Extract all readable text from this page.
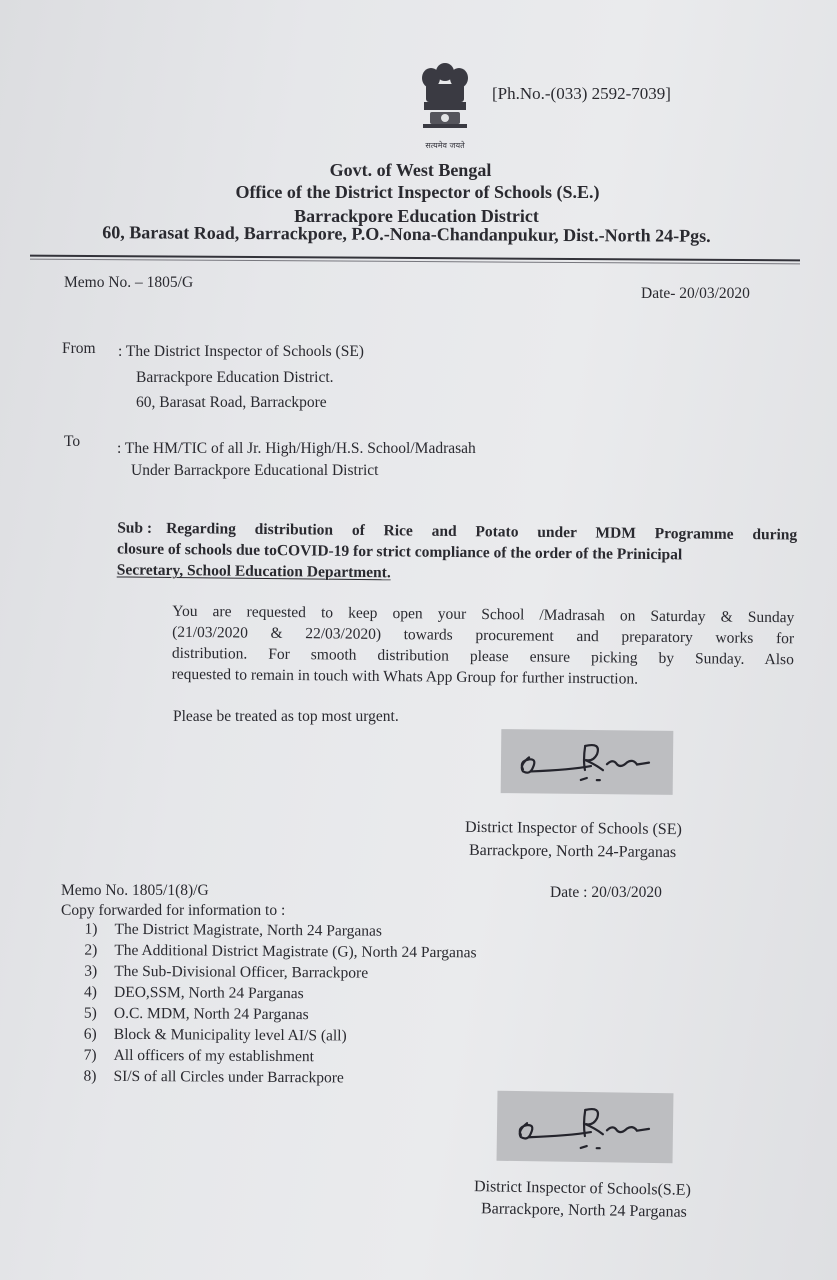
सत्यमेव जयते
[Ph.No.-(033) 2592-7039]
Govt. of West Bengal
Office of the District Inspector of Schools (S.E.)
Barrackpore Education District
60, Barasat Road, Barrackpore, P.O.-Nona-Chandanpukur, Dist.-North 24-Pgs.
Memo No. – 1805/G
Date- 20/03/2020
From : The District Inspector of Schools (SE)
Barrackpore Education District.
60, Barasat Road, Barrackpore
To : The HM/TIC of all Jr. High/High/H.S. School/Madrasah
Under Barrackpore Educational District
Sub : Regarding distribution of Rice and Potato under MDM Programme during
closure of schools due toCOVID-19 for strict compliance of the order of the Prinicipal
Secretary, School Education Department.
You are requested to keep open your School /Madrasah on Saturday & Sunday
(21/03/2020 & 22/03/2020) towards procurement and preparatory works for
distribution. For smooth distribution please ensure picking by Sunday. Also
requested to remain in touch with Whats App Group for further instruction.
Please be treated as top most urgent.
District Inspector of Schools (SE)
Barrackpore, North 24-Parganas
Memo No. 1805/1(8)/G	Date : 20/03/2020
Copy forwarded for information to :
1) The District Magistrate, North 24 Parganas
2) The Additional District Magistrate (G), North 24 Parganas
3) The Sub-Divisional Officer, Barrackpore
4) DEO,SSM, North 24 Parganas
5) O.C. MDM, North 24 Parganas
6) Block & Municipality level AI/S (all)
7) All officers of my establishment
8) SI/S of all Circles under Barrackpore
District Inspector of Schools(S.E)
Barrackpore, North 24 Parganas
